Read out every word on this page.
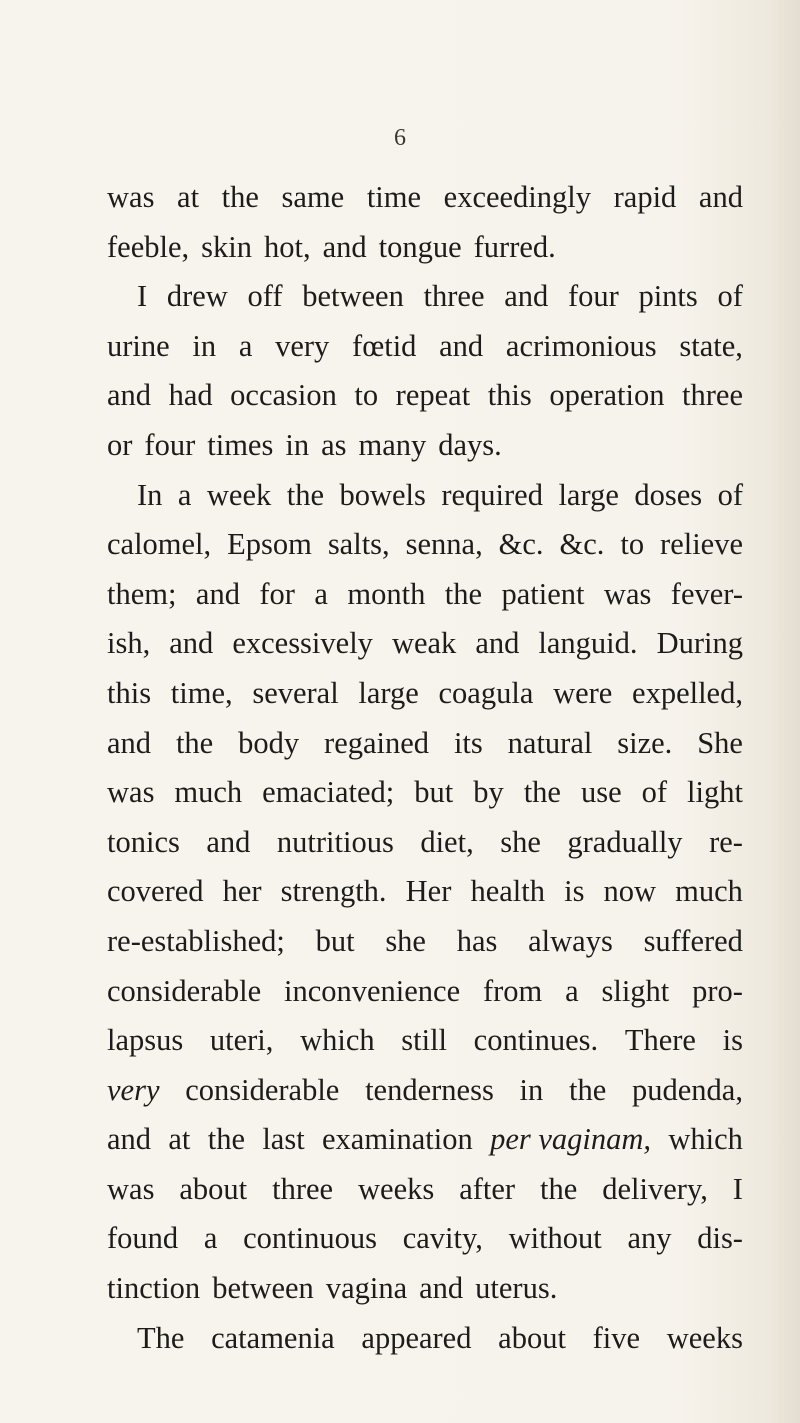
6
was at the same time exceedingly rapid and
feeble, skin hot, and tongue furred.
I drew off between three and four pints of
urine in a very fœtid and acrimonious state,
and had occasion to repeat this operation three
or four times in as many days.
In a week the bowels required large doses of
calomel, Epsom salts, senna, &c. &c. to relieve
them; and for a month the patient was fever-
ish, and excessively weak and languid. During
this time, several large coagula were expelled,
and the body regained its natural size. She
was much emaciated; but by the use of light
tonics and nutritious diet, she gradually re-
covered her strength. Her health is now much
re-established; but she has always suffered
considerable inconvenience from a slight pro-
lapsus uteri, which still continues. There is
very considerable tenderness in the pudenda,
and at the last examination per vaginam, which
was about three weeks after the delivery, I
found a continuous cavity, without any dis-
tinction between vagina and uterus.
The catamenia appeared about five weeks
